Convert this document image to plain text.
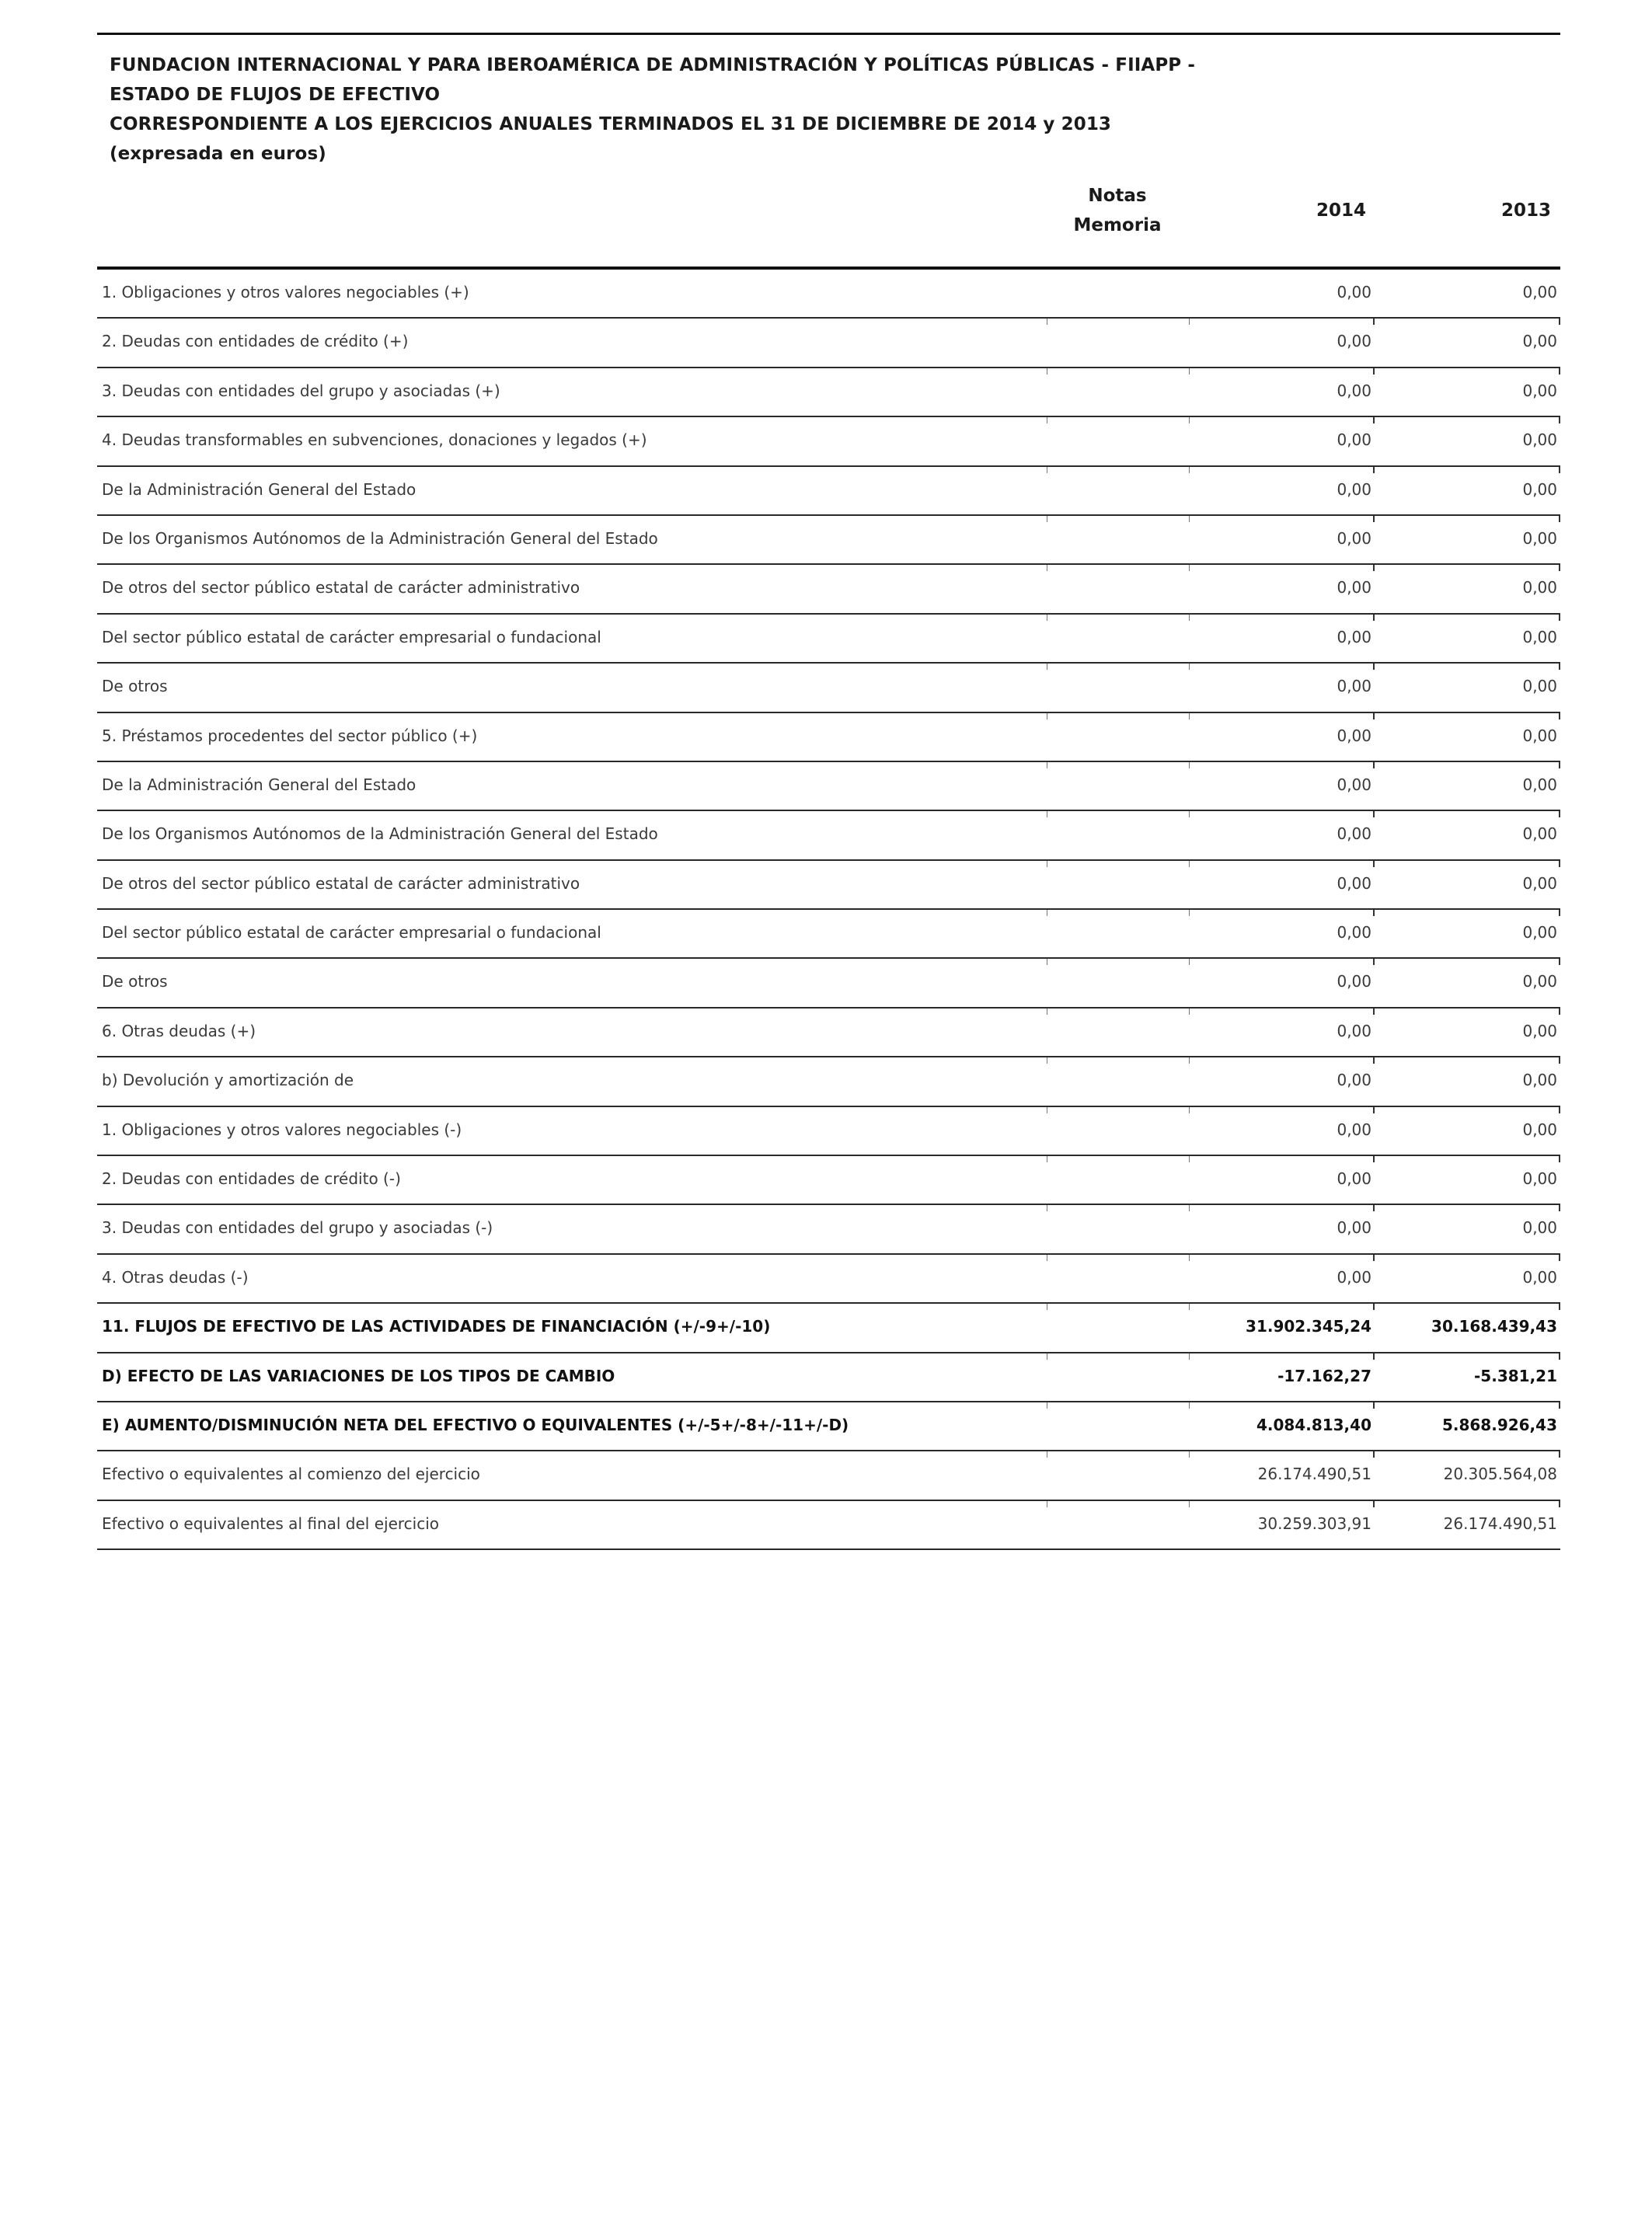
FUNDACION INTERNACIONAL Y PARA IBEROAMÉRICA DE ADMINISTRACIÓN Y POLÍTICAS PÚBLICAS - FIIAPP -
ESTADO DE FLUJOS DE EFECTIVO
CORRESPONDIENTE A LOS EJERCICIOS ANUALES TERMINADOS EL 31 DE DICIEMBRE DE 2014 y 2013
(expresada en euros)
Notas
Memoria
2014	2013
1. Obligaciones y otros valores negociables (+)	0,00	0,00
2. Deudas con entidades de crédito (+)	0,00	0,00
3. Deudas con entidades del grupo y asociadas (+)	0,00	0,00
4. Deudas transformables en subvenciones, donaciones y legados (+)	0,00	0,00
De la Administración General del Estado	0,00	0,00
De los Organismos Autónomos de la Administración General del Estado	0,00	0,00
De otros del sector público estatal de carácter administrativo	0,00	0,00
Del sector público estatal de carácter empresarial o fundacional	0,00	0,00
De otros	0,00	0,00
5. Préstamos procedentes del sector público (+)	0,00	0,00
De la Administración General del Estado	0,00	0,00
De los Organismos Autónomos de la Administración General del Estado	0,00	0,00
De otros del sector público estatal de carácter administrativo	0,00	0,00
Del sector público estatal de carácter empresarial o fundacional	0,00	0,00
De otros	0,00	0,00
6. Otras deudas (+)	0,00	0,00
b) Devolución y amortización de	0,00	0,00
1. Obligaciones y otros valores negociables (-)	0,00	0,00
2. Deudas con entidades de crédito (-)	0,00	0,00
3. Deudas con entidades del grupo y asociadas (-)	0,00	0,00
4. Otras deudas (-)	0,00	0,00
11. FLUJOS DE EFECTIVO DE LAS ACTIVIDADES DE FINANCIACIÓN (+/-9+/-10)	31.902.345,24	30.168.439,43
D) EFECTO DE LAS VARIACIONES DE LOS TIPOS DE CAMBIO	-17.162,27	-5.381,21
E) AUMENTO/DISMINUCIÓN NETA DEL EFECTIVO O EQUIVALENTES (+/-5+/-8+/-11+/-D)	4.084.813,40	5.868.926,43
Efectivo o equivalentes al comienzo del ejercicio	26.174.490,51	20.305.564,08
Efectivo o equivalentes al final del ejercicio	30.259.303,91	26.174.490,51
